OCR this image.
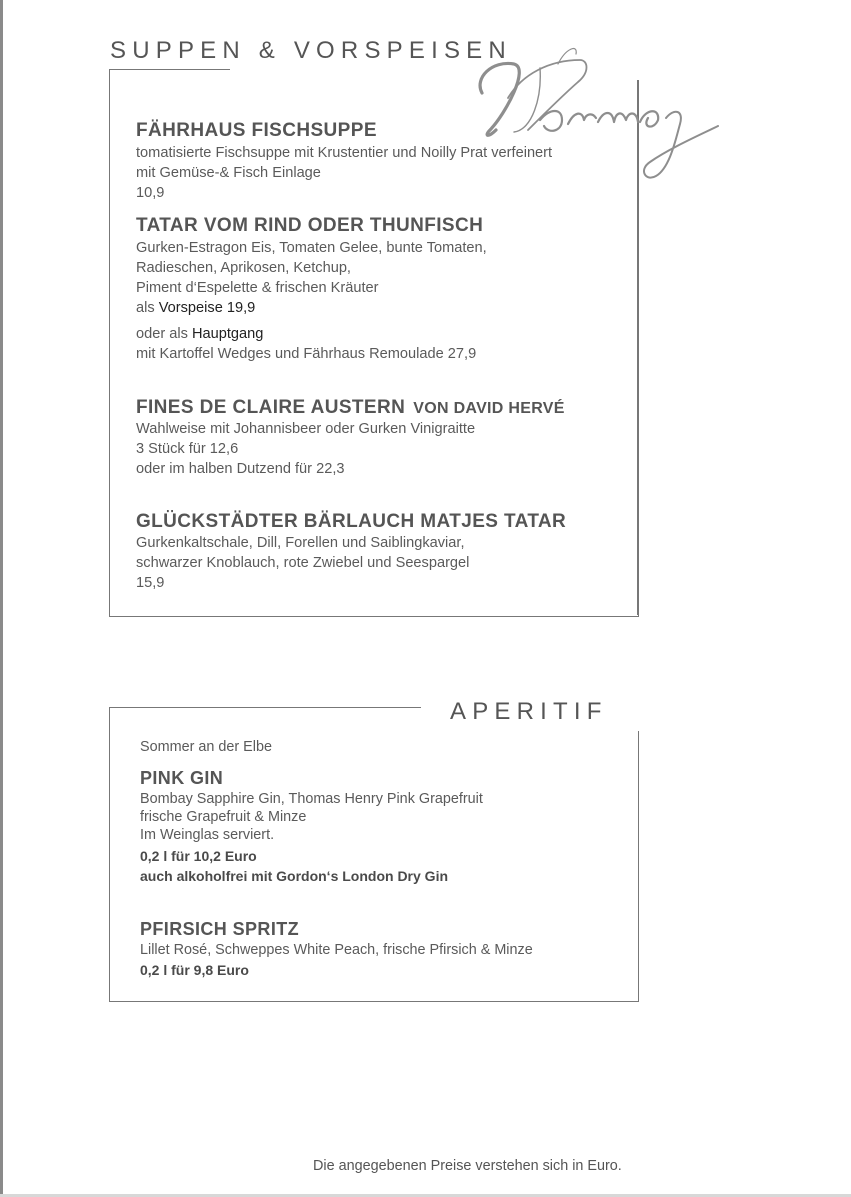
SUPPEN & VORSPEISEN
FÄHRHAUS FISCHSUPPE

tomatisierte Fischsuppe mit Krustentier und Noilly Prat verfeinert

mit Gemüse-& Fisch Einlage

10,9

TATAR VOM RIND ODER THUNFISCH

Gurken-Estragon Eis, Tomaten Gelee, bunte Tomaten,

Radieschen, Aprikosen, Ketchup,

Piment d‘Espelette & frischen Kräuter

als Vorspeise 19,9

oder als Hauptgang

mit Kartoffel Wedges und Fährhaus Remoulade 27,9

FINES DE CLAIRE AUSTERN VON DAVID HERVÉ

Wahlweise mit Johannisbeer oder Gurken Vinigraitte

3 Stück für 12,6

oder im halben Dutzend für 22,3

GLÜCKSTÄDTER BÄRLAUCH MATJES TATAR

Gurkenkaltschale, Dill, Forellen und Saiblingkaviar,

schwarzer Knoblauch, rote Zwiebel und Seespargel

15,9

APERITIF

Sommer an der Elbe

PINK GIN

Bombay Sapphire Gin, Thomas Henry Pink Grapefruit

frische Grapefruit & Minze

Im Weinglas serviert.

0,2 l für 10,2 Euro

auch alkoholfrei mit Gordon‘s London Dry Gin

PFIRSICH SPRITZ

Lillet Rosé, Schweppes White Peach, frische Pfirsich & Minze

0,2 l für 9,8 Euro

Die angegebenen Preise verstehen sich in Euro.
